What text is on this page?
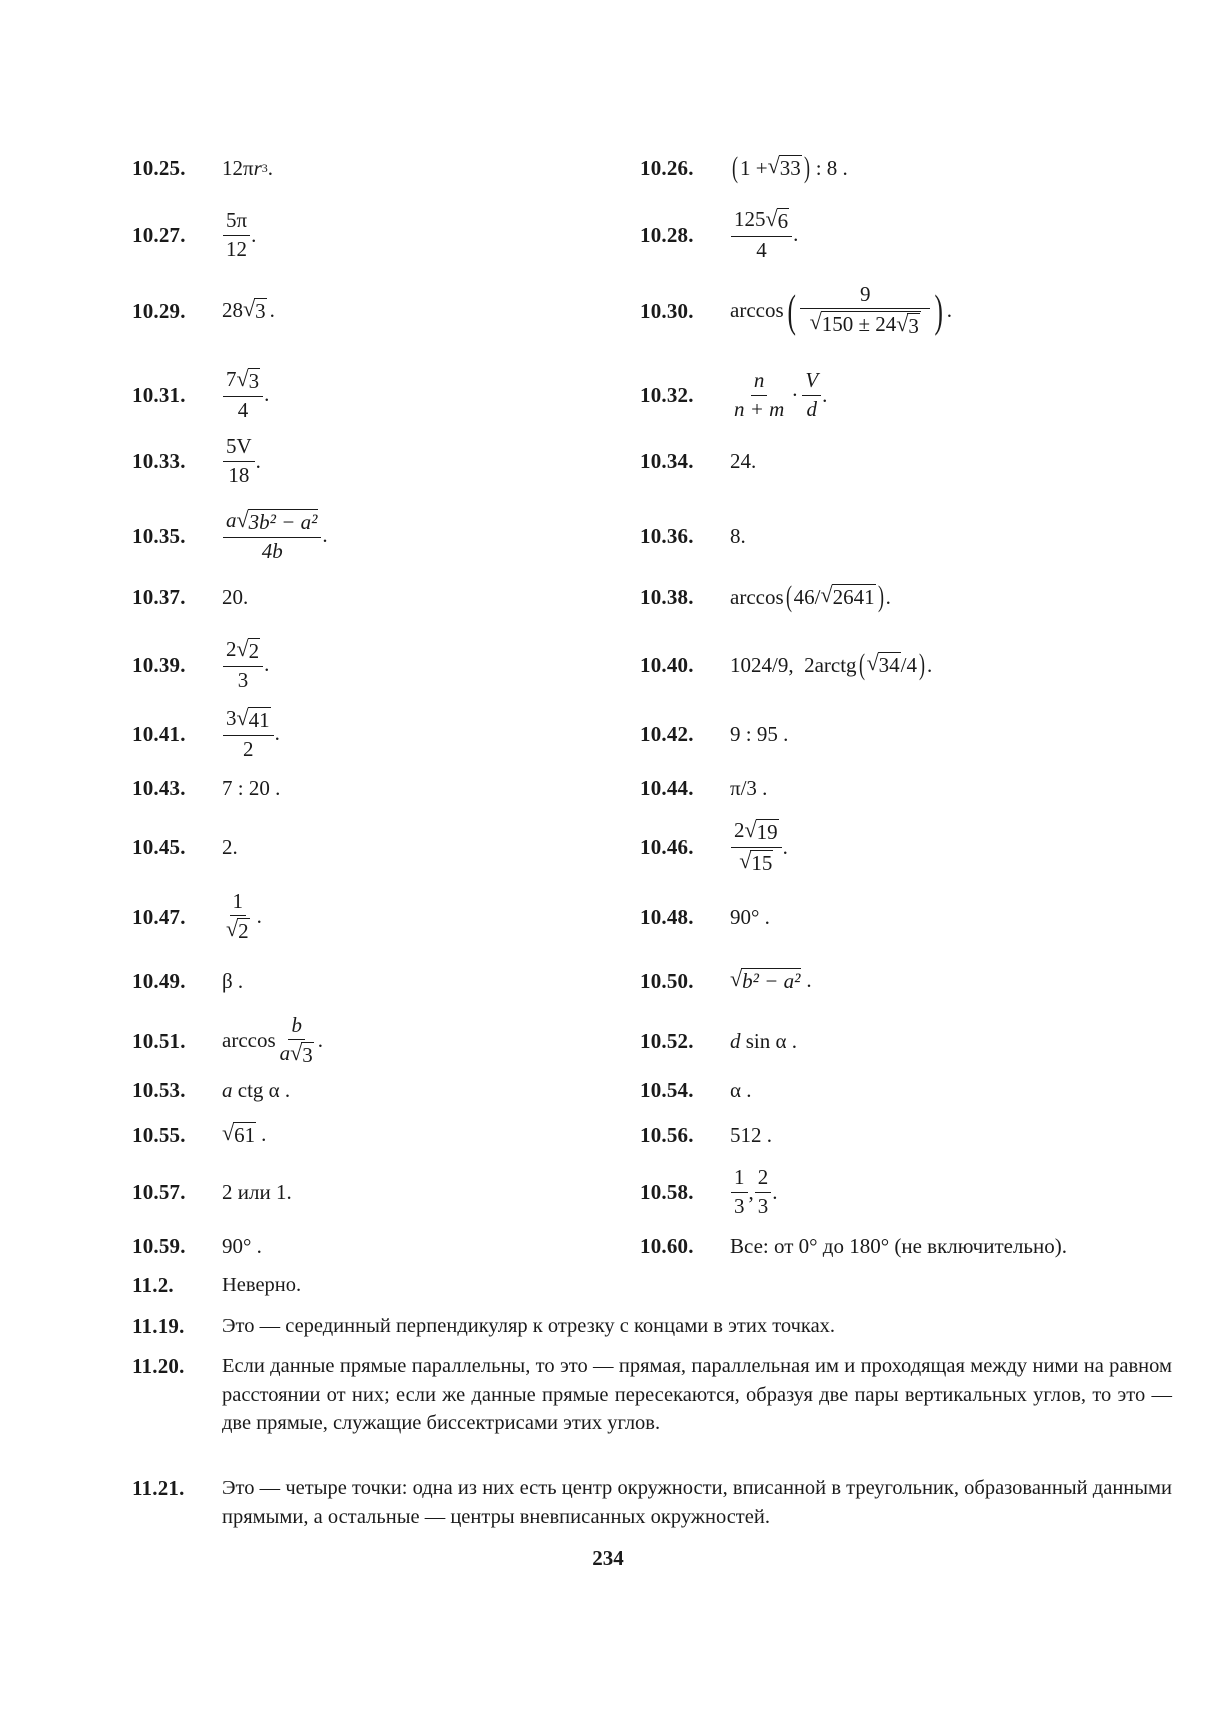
10.25.	12π r 3 .	10.26.	( 1 + √ 33 ) : 8 .
10.27.	$\frac{5\pi}{12}$ .	10.28.	$\frac{125 √ 6}{4}$ .
10.29.	28 √ 3 .	10.30.	arccos ( $\frac{9}{√ 150 \pm 24 √ 3}$ ) .
10.31.	$\frac{7 √ 3}{4}$ .	10.32.	$\frac{n}{n + m} \cdot \frac{V}{d}$ .
10.33.	$\frac{5V}{18}$ .	10.34.	24.
10.35.	$\frac{\text{a √ 3b² − a²}}{4b}$ .	10.36.	8.
10.37.	20.	10.38.	arccos ( 46/ √ 2641 ) .
10.39.	$\frac{2 √ 2}{3}$ .	10.40.	1024/9,  2arctg ( √ 34 /4 ) .
10.41.	$\frac{3 √ 41}{2}$ .	10.42.	9 : 95 .
10.43.	7 : 20 .	10.44.	π/3 .
10.45.	2.	10.46.	$\frac{2 √ 19}{√ 15}$ .
10.47.	$\frac{1}{√ 2}$ .	10.48.	90° .
10.49.	β .	10.50.	√ b² − a² .
10.51.	$\arccos \frac{b}{a √ 3}$ .	10.52.	d sin α .
10.53.	a ctg α .	10.54.	α .
10.55.	√ 61 .	10.56.	512 .
10.57.	2 или 1.	10.58.	$\frac{1}{3}$ , $\frac{2}{3}$ .
10.59.	90° .	10.60.	Все: от 0° до 180° (не включительно).
11.2.	Неверно.
11.19.	Это — серединный перпендикуляр к отрезку с концами в этих точках.
11.20.	Если данные прямые параллельны, то это — прямая, параллельная им и проходящая между ними на равном расстоянии от них; если же данные прямые пересекаются, образуя две пары вертикальных углов, то это — две прямые, служащие биссектрисами этих углов.
11.21.	Это — четыре точки: одна из них есть центр окружности, вписанной в треугольник, образованный данными прямыми, а остальные — центры вневписанных окружностей.
234
